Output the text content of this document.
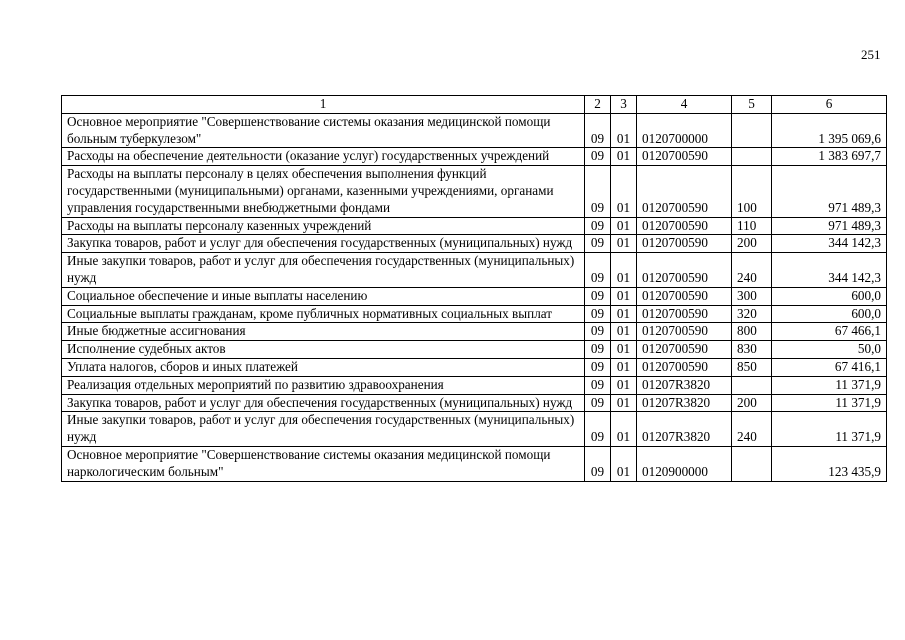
251
1	2	3	4	5	6
Основное мероприятие "Совершенствование системы оказания медицинской помощи больным туберкулезом"	09	01	0120700000		1 395 069,6
Расходы на обеспечение деятельности (оказание услуг) государственных учреждений	09	01	0120700590		1 383 697,7
Расходы на выплаты персоналу в целях обеспечения выполнения функций государственными (муниципальными) органами, казенными учреждениями, органами управления государственными внебюджетными фондами	09	01	0120700590	100	971 489,3
Расходы на выплаты персоналу казенных учреждений	09	01	0120700590	110	971 489,3
Закупка товаров, работ и услуг для обеспечения государственных (муниципальных) нужд	09	01	0120700590	200	344 142,3
Иные закупки товаров, работ и услуг для обеспечения государственных (муниципальных) нужд	09	01	0120700590	240	344 142,3
Социальное обеспечение и иные выплаты населению	09	01	0120700590	300	600,0
Социальные выплаты гражданам, кроме публичных нормативных социальных выплат	09	01	0120700590	320	600,0
Иные бюджетные ассигнования	09	01	0120700590	800	67 466,1
Исполнение судебных актов	09	01	0120700590	830	50,0
Уплата налогов, сборов и иных платежей	09	01	0120700590	850	67 416,1
Реализация отдельных мероприятий по развитию здравоохранения	09	01	01207R3820		11 371,9
Закупка товаров, работ и услуг для обеспечения государственных (муниципальных) нужд	09	01	01207R3820	200	11 371,9
Иные закупки товаров, работ и услуг для обеспечения государственных (муниципальных) нужд	09	01	01207R3820	240	11 371,9
Основное мероприятие "Совершенствование системы оказания медицинской помощи наркологическим больным"	09	01	0120900000		123 435,9
